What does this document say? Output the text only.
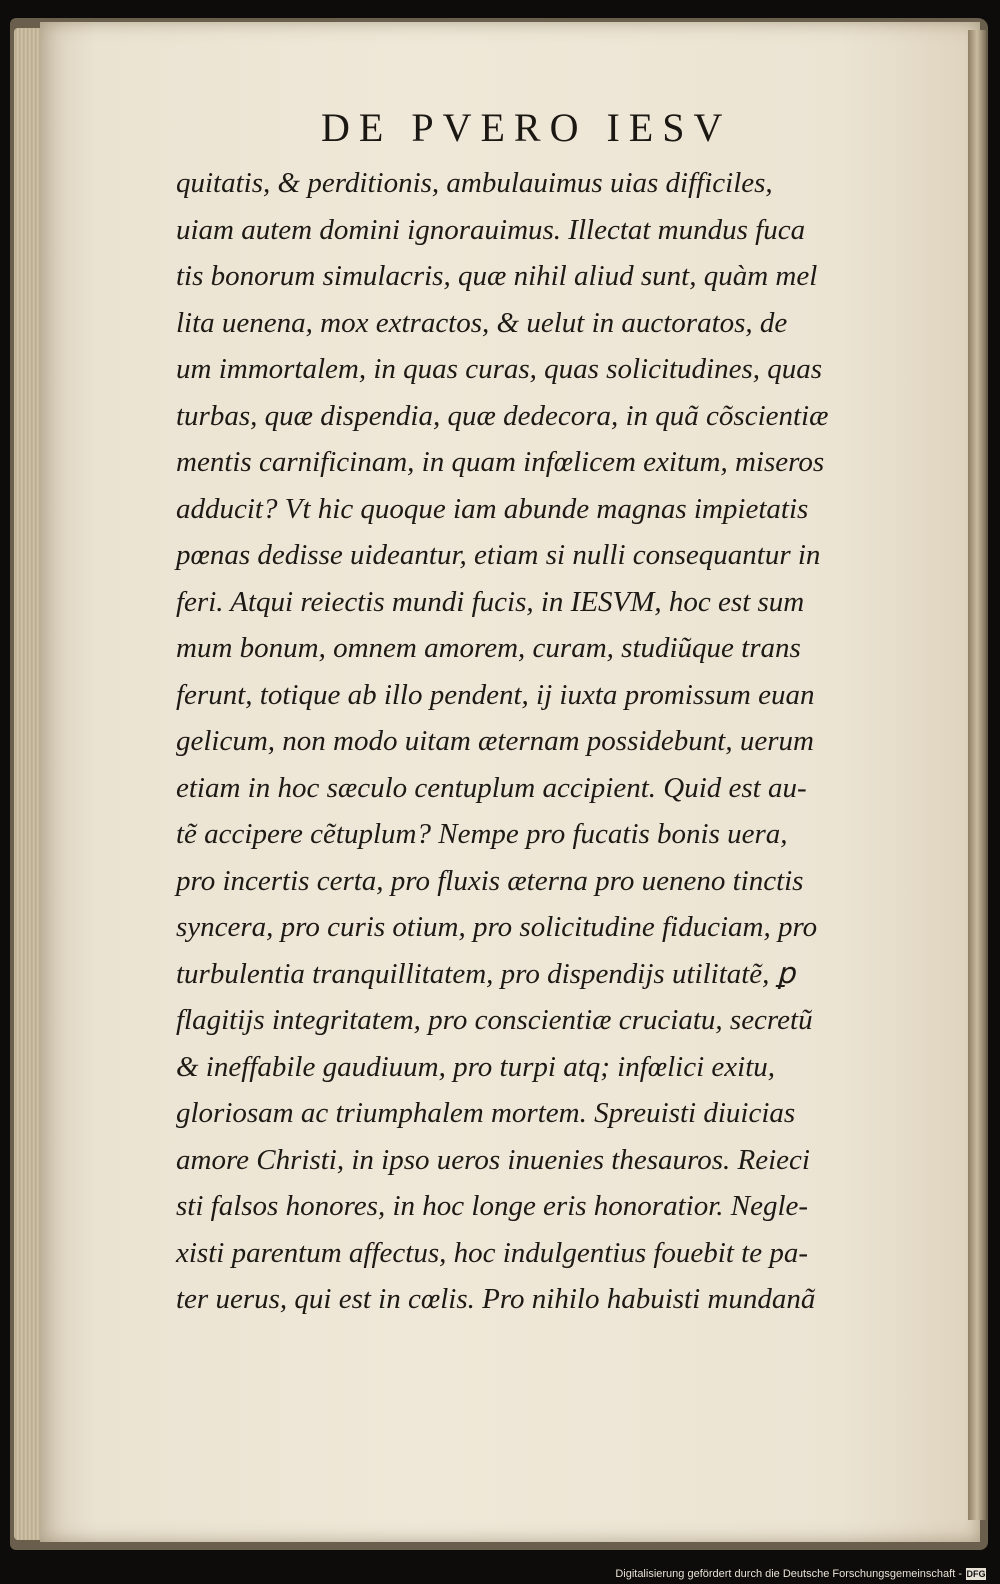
DE PVERO IESV
quitatis, & perditionis, ambulauimus uias difficiles,
uiam autem domini ignorauimus. Illectat mundus fuca
tis bonorum simulacris, quæ nihil aliud sunt, quàm mel
lita uenena, mox extractos, & uelut in auctoratos, de
um immortalem, in quas curas, quas solicitudines, quas
turbas, quæ dispendia, quæ dedecora, in quã cõscientiæ
mentis carnificinam, in quam infœlicem exitum, miseros
adducit? Vt hic quoque iam abunde magnas impietatis
pœnas dedisse uideantur, etiam si nulli consequantur in
feri. Atqui reiectis mundi fucis, in IESVM, hoc est sum
mum bonum, omnem amorem, curam, studiũque trans
ferunt, totique ab illo pendent, ij iuxta promissum euan
gelicum, non modo uitam æternam possidebunt, uerum
etiam in hoc sæculo centuplum accipient. Quid est au-
tẽ accipere cẽtuplum? Nempe pro fucatis bonis uera,
pro incertis certa, pro fluxis æterna pro ueneno tinctis
syncera, pro curis otium, pro solicitudine fiduciam, pro
turbulentia tranquillitatem, pro dispendijs utilitatẽ, ꝑ
flagitijs integritatem, pro conscientiæ cruciatu, secretũ
& ineffabile gaudiuum, pro turpi atq; infœlici exitu,
gloriosam ac triumphalem mortem. Spreuisti diuicias
amore Christi, in ipso ueros inuenies thesauros. Reieci
sti falsos honores, in hoc longe eris honoratior. Negle-
xisti parentum affectus, hoc indulgentius fouebit te pa-
ter uerus, qui est in cœlis. Pro nihilo habuisti mundanã
Digitalisierung gefördert durch die Deutsche Forschungsgemeinschaft - DFG
